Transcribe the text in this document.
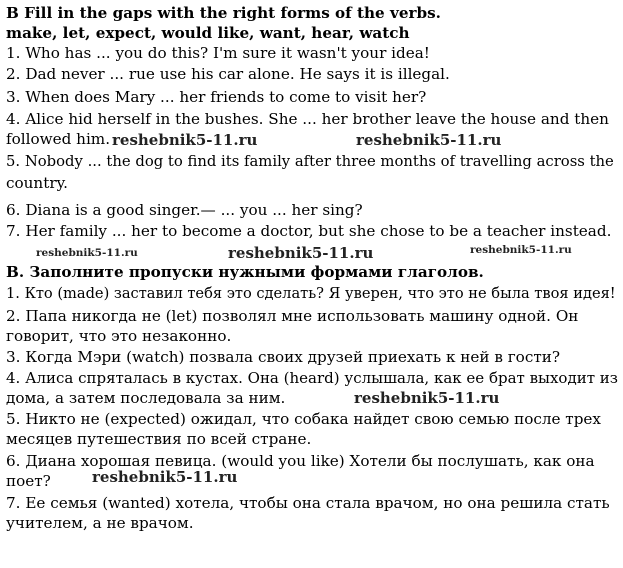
B Fill in the gaps with the right forms of the verbs.
make, let, expect, would like, want, hear, watch
1. Who has ... you do this? I'm sure it wasn't your idea!
2. Dad never ... rue use his car alone. He says it is illegal.
3. When does Mary ... her friends to come to visit her?
4. Alice hid herself in the bushes. She ... her brother leave the house and then
followed him.
5. Nobody ... the dog to find its family after three months of travelling across the
country.
6. Diana is a good singer.— ... you ... her sing?
7. Her family ... her to become a doctor, but she chose to be a teacher instead.
В. Заполните пропуски нужными формами глаголов.
1. Кто (made) заставил тебя это сделать? Я уверен, что это не была твоя идея!
2. Папа никогда не (let) позволял мне использовать машину одной. Он
говорит, что это незаконно.
3. Когда Мэри (watch) позвала своих друзей приехать к ней в гости?
4. Алиса спряталась в кустах. Она (heard) услышала, как ее брат выходит из
дома, а затем последовала за ним.
5. Никто не (expected) ожидал, что собака найдет свою семью после трех
месяцев путешествия по всей стране.
6. Диана хорошая певица. (would you like) Хотели бы послушать, как она
поет?
7. Ее семья (wanted) хотела, чтобы она стала врачом, но она решила стать
учителем, а не врачом.
reshebnik5-11.ru	reshebnik5-11.ru
reshebnik5-11.ru	reshebnik5-11.ru	reshebnik5-11.ru
reshebnik5-11.ru
reshebnik5-11.ru
